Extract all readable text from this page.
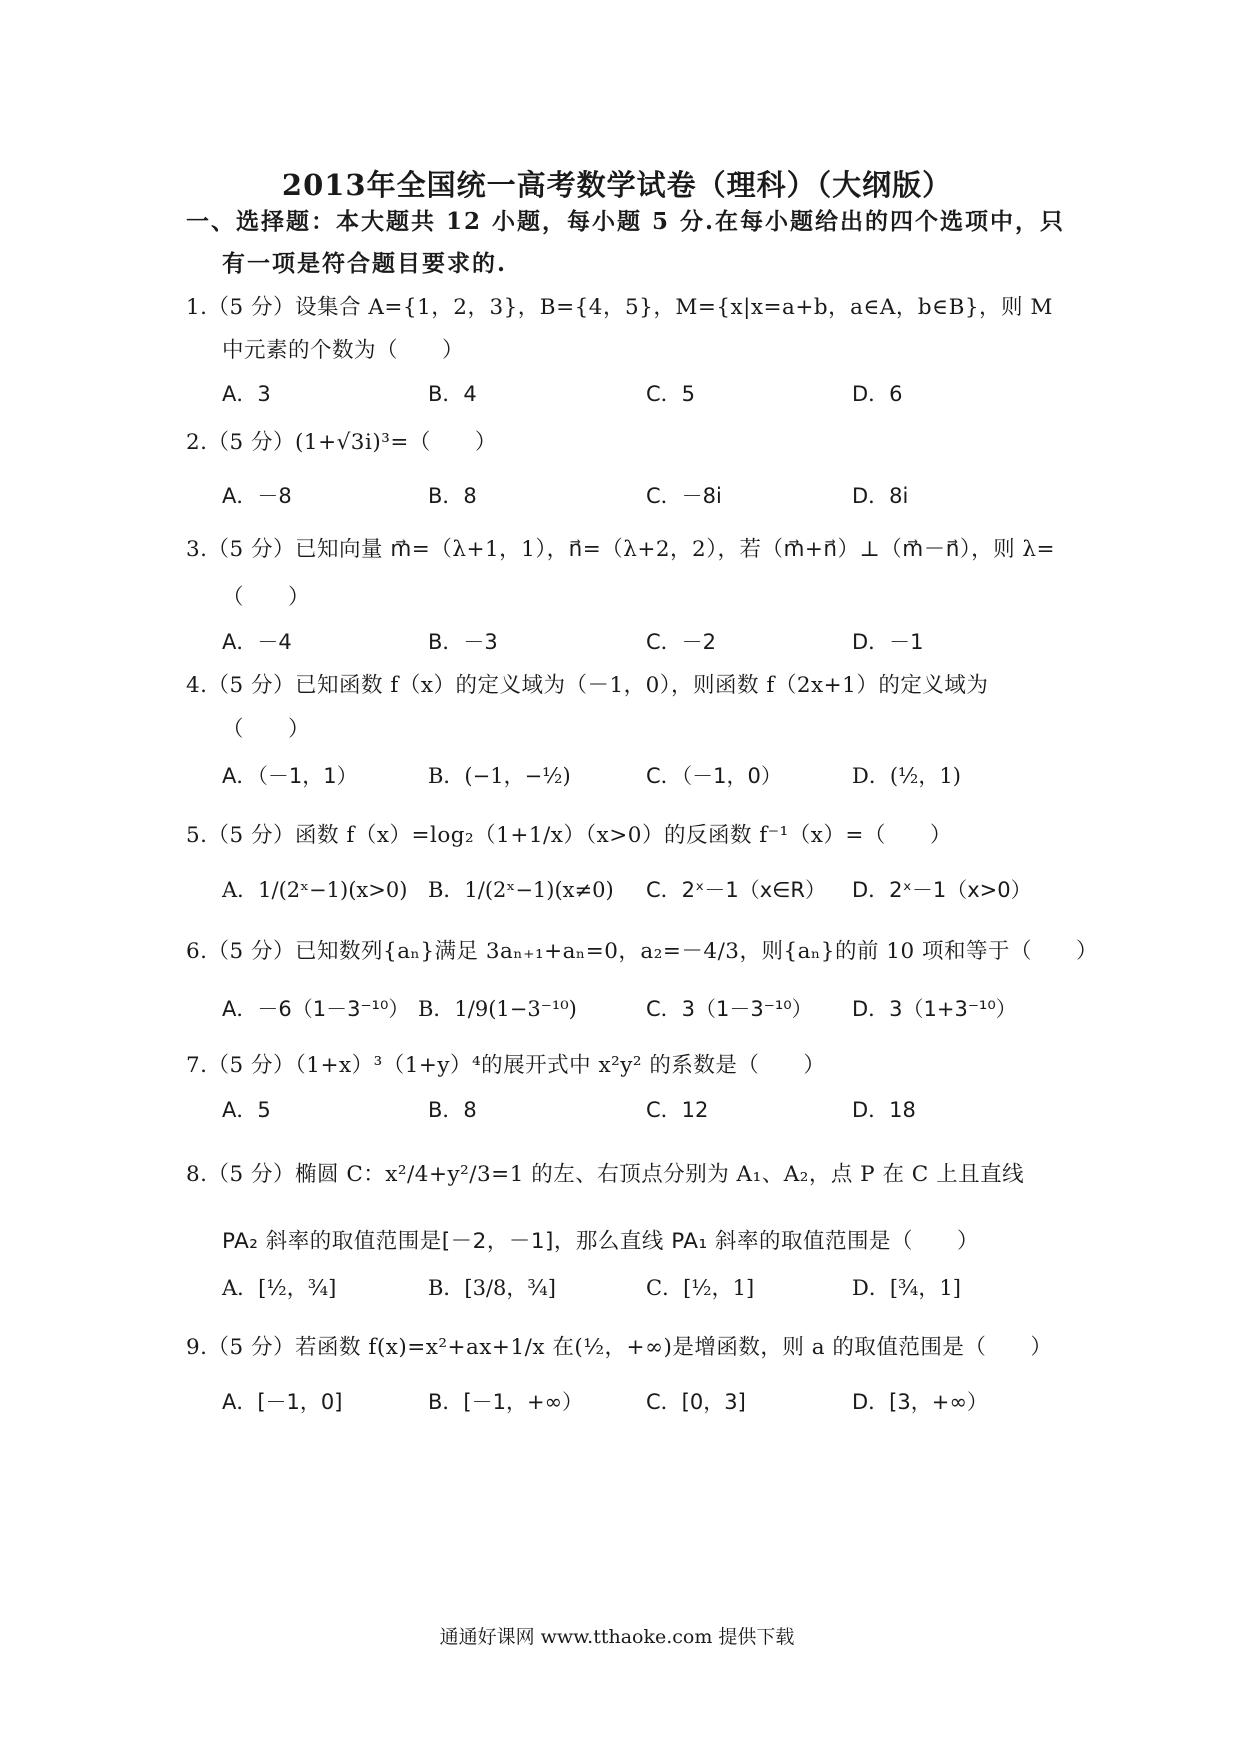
2013年全国统一高考数学试卷（理科）（大纲版）
一、选择题：本大题共 12 小题，每小题 5 分.在每小题给出的四个选项中，只
有一项是符合题目要求的.
1.（5 分）设集合 A={1，2，3}，B={4，5}，M={x|x=a+b，a∈A，b∈B}，则 M
中元素的个数为（　　）
A．3	B．4	C．5	D．6
2.（5 分）(1+√3i)³=（　　）
A．－8	B．8	C．－8i	D．8i
3.（5 分）已知向量 m⃗=（λ+1，1），n⃗=（λ+2，2），若（m⃗+n⃗）⊥（m⃗－n⃗），则 λ=
（　　）
A．－4	B．－3	C．－2	D．－1
4.（5 分）已知函数 f（x）的定义域为（－1，0），则函数 f（2x+1）的定义域为
（　　）
A．（－1，1）	B．(−1，−½)	C．（－1，0）	D．(½，1)
5.（5 分）函数 f（x）=log₂（1+1/x）（x>0）的反函数 f⁻¹（x）=（　　）
A．1/(2ˣ−1)(x>0) B．1/(2ˣ−1)(x≠0) C．2ˣ－1（x∈R） D．2ˣ－1（x>0）
6.（5 分）已知数列{aₙ}满足 3aₙ₊₁+aₙ=0，a₂=－4/3，则{aₙ}的前 10 项和等于（　　）
A．－6（1－3⁻¹⁰） B．1/9(1−3⁻¹⁰)	C．3（1－3⁻¹⁰） D．3（1+3⁻¹⁰）
7.（5 分）（1+x）³（1+y）⁴的展开式中 x²y² 的系数是（　　）
A．5	B．8	C．12	D．18
8.（5 分）椭圆 C：x²/4+y²/3=1 的左、右顶点分别为 A₁、A₂，点 P 在 C 上且直线
PA₂ 斜率的取值范围是[－2，－1]，那么直线 PA₁ 斜率的取值范围是（　　）
A．[½，¾]	B．[3/8，¾]	C．[½，1]	D．[¾，1]
9.（5 分）若函数 f(x)=x²+ax+1/x 在(½，+∞)是增函数，则 a 的取值范围是（　　）
A．[－1，0]	B．[－1，+∞）	C．[0，3]	D．[3，+∞）
通通好课网 www.tthaoke.com 提供下载
